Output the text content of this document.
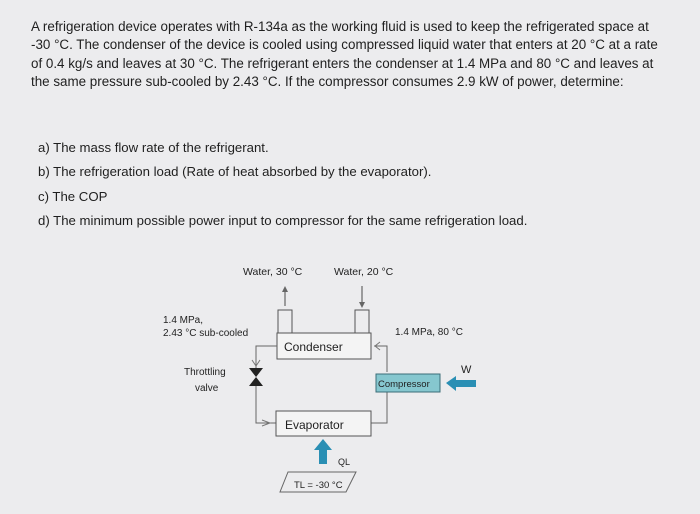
A refrigeration device operates with R-134a as the working fluid is used to keep the refrigerated space at -30 °C. The condenser of the device is cooled using compressed liquid water that enters at 20 °C at a rate of 0.4 kg/s and leaves at 30 °C. The refrigerant enters the condenser at 1.4 MPa and 80 °C and leaves at the same pressure sub-cooled by 2.43 °C. If the compressor consumes 2.9 kW of power, determine:

a) The mass flow rate of the refrigerant.
b) The refrigeration load (Rate of heat absorbed by the evaporator).
c) The COP
d) The minimum possible power input to compressor for the same refrigeration load.
Water, 30 °C	Water, 20 °C
Condenser
1.4 MPa,
2.43 °C sub-cooled	1.4 MPa, 80 °C
Throttling
valve	Compressor
W
Evaporator
QL
TL = -30 °C
